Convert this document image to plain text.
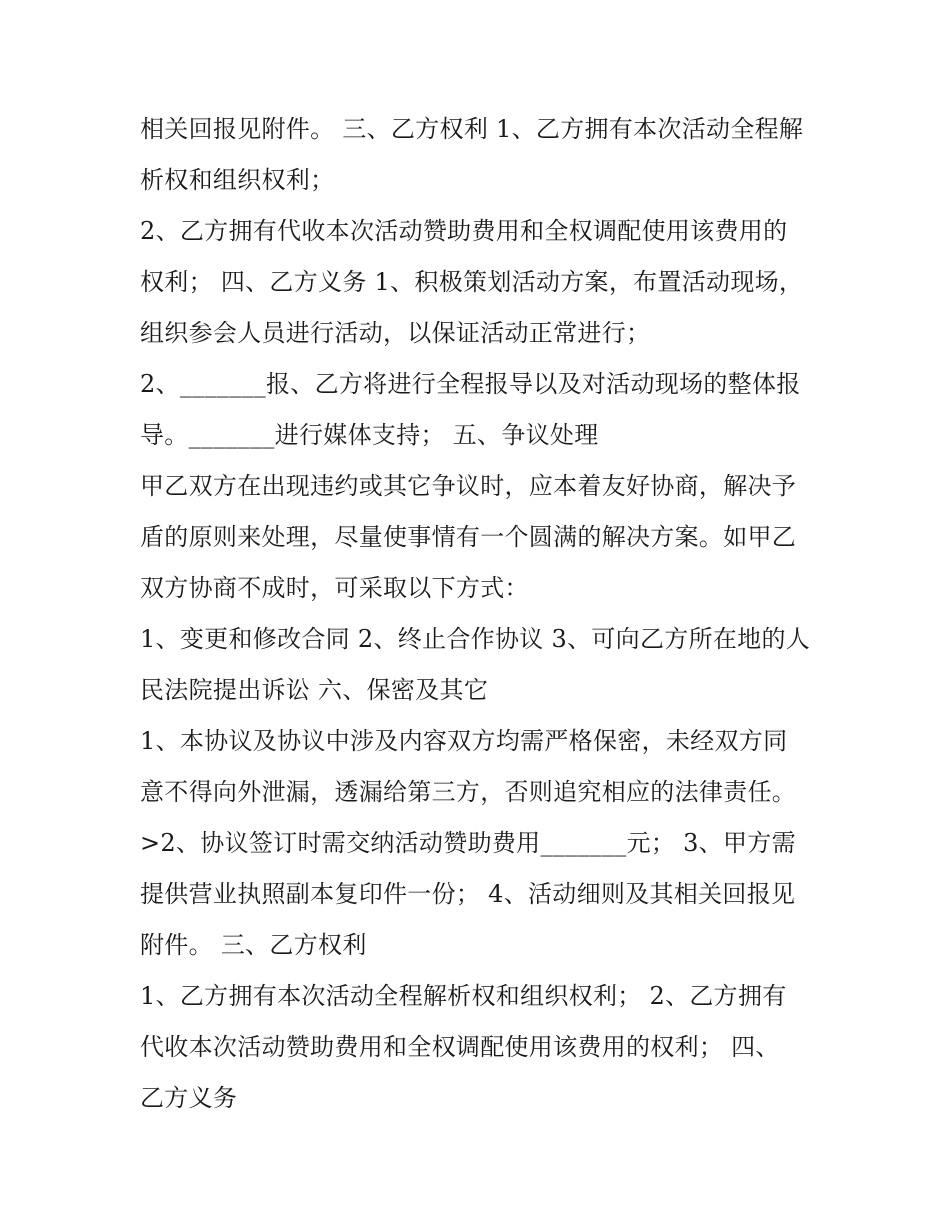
相关回报见附件。 三、乙方权利 1、乙方拥有本次活动全程解
析权和组织权利；
2、乙方拥有代收本次活动赞助费用和全权调配使用该费用的
权利； 四、乙方义务 1、积极策划活动方案，布置活动现场，
组织参会人员进行活动，以保证活动正常进行；
2、_______报、乙方将进行全程报导以及对活动现场的整体报
导。_______进行媒体支持； 五、争议处理
甲乙双方在出现违约或其它争议时，应本着友好协商，解决予
盾的原则来处理，尽量使事情有一个圆满的解决方案。如甲乙
双方协商不成时，可采取以下方式：
1、变更和修改合同 2、终止合作协议 3、可向乙方所在地的人
民法院提出诉讼 六、保密及其它
1、本协议及协议中涉及内容双方均需严格保密，未经双方同
意不得向外泄漏，透漏给第三方，否则追究相应的法律责任。
>2、协议签订时需交纳活动赞助费用_______元； 3、甲方需
提供营业执照副本复印件一份； 4、活动细则及其相关回报见
附件。 三、乙方权利
1、乙方拥有本次活动全程解析权和组织权利； 2、乙方拥有
代收本次活动赞助费用和全权调配使用该费用的权利； 四、
乙方义务
